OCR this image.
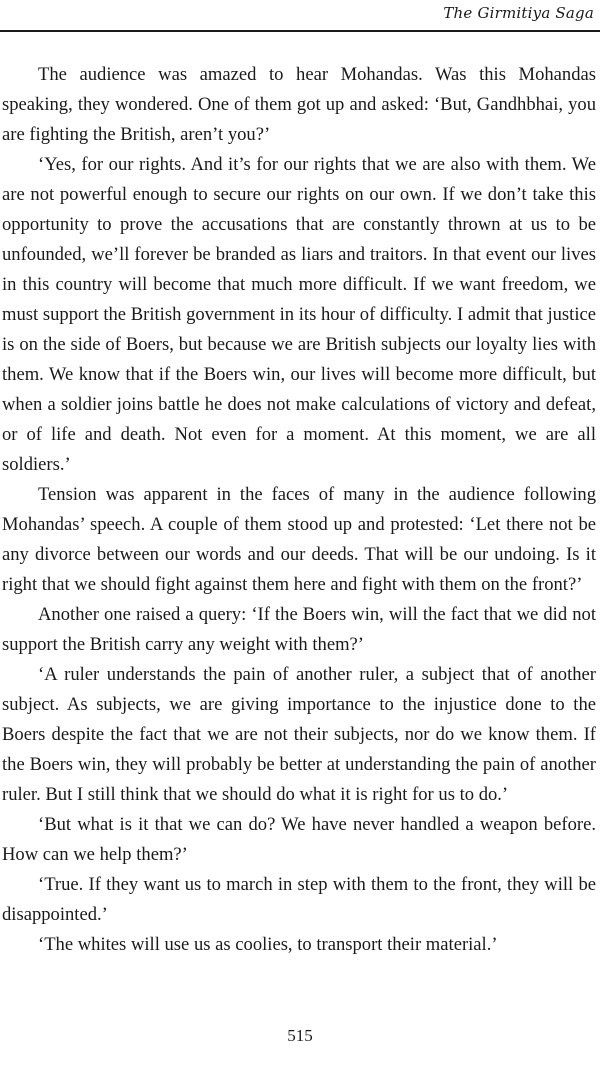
The Girmitiya Saga

The audience was amazed to hear Mohandas. Was this Mohandas speaking, they wondered. One of them got up and asked: ‘But, Gandhbhai, you are fighting the British, aren’t you?’

‘Yes, for our rights. And it’s for our rights that we are also with them. We are not powerful enough to secure our rights on our own. If we don’t take this opportunity to prove the accusations that are constantly thrown at us to be unfounded, we’ll forever be branded as liars and traitors. In that event our lives in this country will become that much more difficult. If we want freedom, we must support the British government in its hour of difficulty. I admit that justice is on the side of Boers, but because we are British subjects our loyalty lies with them. We know that if the Boers win, our lives will become more difficult, but when a soldier joins battle he does not make calculations of victory and defeat, or of life and death. Not even for a moment. At this moment, we are all soldiers.’

Tension was apparent in the faces of many in the audience following Mohandas’ speech. A couple of them stood up and protested: ‘Let there not be any divorce between our words and our deeds. That will be our undoing. Is it right that we should fight against them here and fight with them on the front?’

Another one raised a query: ‘If the Boers win, will the fact that we did not support the British carry any weight with them?’

‘A ruler understands the pain of another ruler, a subject that of another subject. As subjects, we are giving importance to the injustice done to the Boers despite the fact that we are not their subjects, nor do we know them. If the Boers win, they will probably be better at understanding the pain of another ruler. But I still think that we should do what it is right for us to do.’

‘But what is it that we can do? We have never handled a weapon before. How can we help them?’

‘True. If they want us to march in step with them to the front, they will be disappointed.’

‘The whites will use us as coolies, to transport their material.’

515
